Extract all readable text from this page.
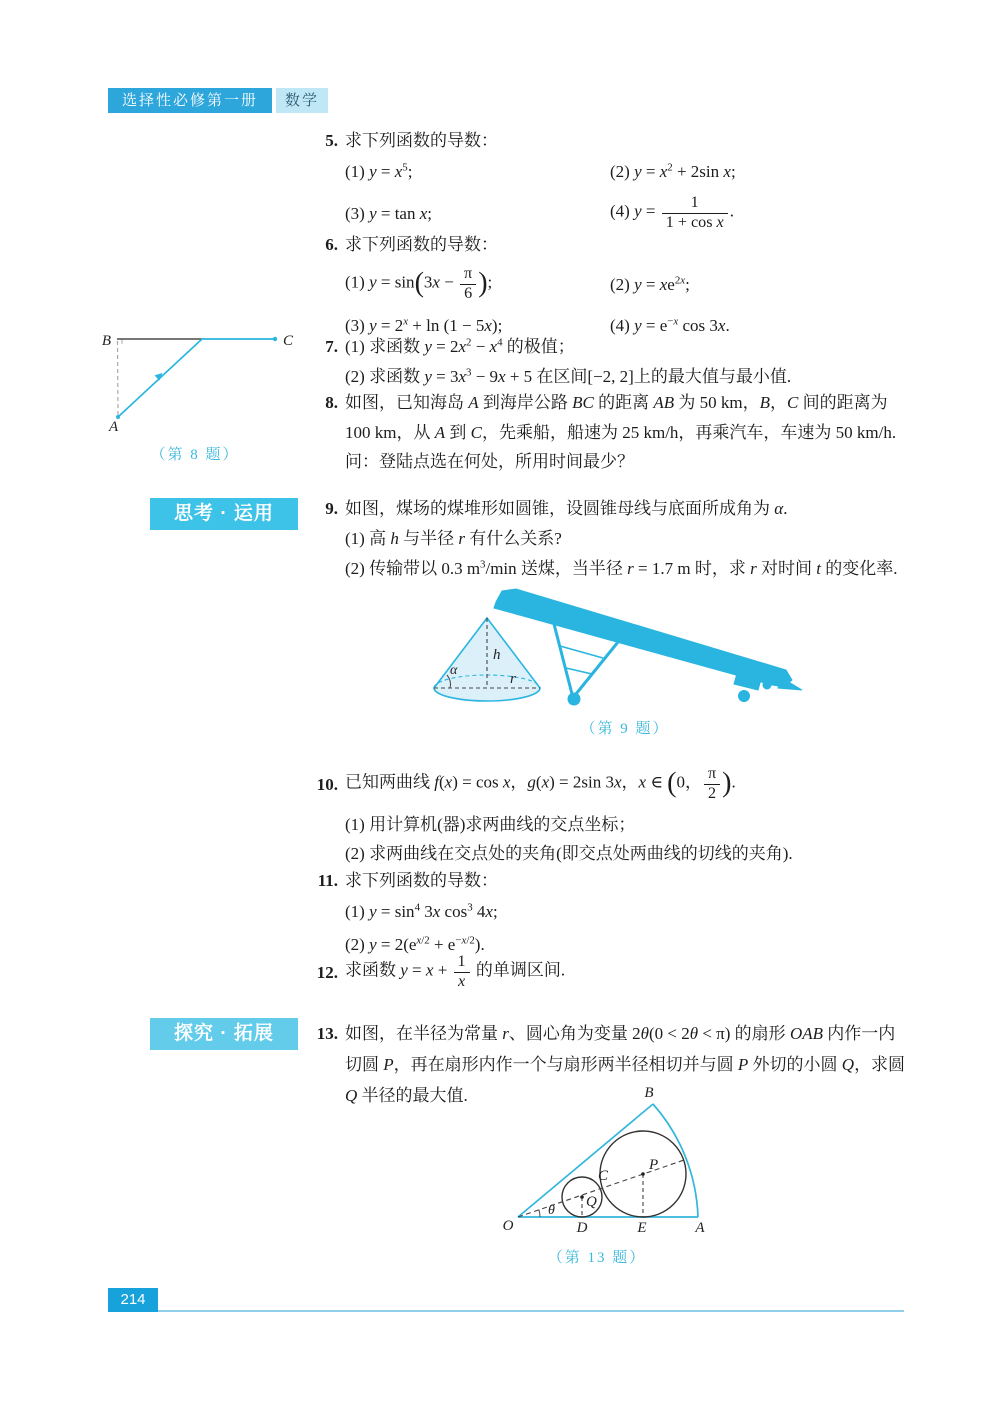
选择性必修第一册	数学
5. 求下列函数的导数：
(1) $y = x^5$;	(2) $y = x^2 + 2\sin$ x;
(3) y = tan x;	(4) $y = \frac{1}{\text{1 + cos x}}$ .
6. 求下列函数的导数：
(1) $y = \sin(3x - \frac{\pi}{6}$ );	(2) $y = xe^{2x}$;
(3) $y = 2^x + \ln (1 - 5x)$;	(4) $y = e^{-x}$ cos 3x.
7. (1) 求函数 $y = 2x^2 - x^4$ 的极值；
(2) 求函数 $y = 3x^3 - 9x + 5$ 在区间[−2, 2]上的最大值与最小值.
8. 如图，已知海岛 A 到海岸公路 BC 的距离 AB 为 50 km，B，C 间的距离为
100 km，从 A 到 C，先乘船，船速为 25 km/h，再乘汽车，车速为 50 km/h.
问：登陆点选在何处，所用时间最少？
B	C
A
（第 8 题）
思考 · 运用	9. 如图，煤场的煤堆形如圆锥，设圆锥母线与底面所成角为 α.
(1) 高 h 与半径 r 有什么关系?
(2) 传输带以 0.3 $m^3/\min$ 送煤，当半径 r = 1.7 m 时，求 r 对时间 t 的变化率.
α
h
r
（第 9 题）
10. 已知两曲线 f(x) = cos x，g(x) = 2sin 3x，x ∈ (0， $\frac{\pi}{2}$ ).
(1) 用计算机(器)求两曲线的交点坐标；
(2) 求两曲线在交点处的夹角(即交点处两曲线的切线的夹角).
11. 求下列函数的导数：
(1) $y = \sin^4 3x$ $\cos^3 4x$;
(2) $y = 2(e^{x/2} + e^{-x/2})$.
12. 求函数 $y = x + \frac{1}{x}$ 的单调区间.
探究 · 拓展	13. 如图，在半径为常量 r、圆心角为变量 2θ(0 < 2θ < π) 的扇形 OAB 内作一内
切圆 P，再在扇形内作一个与扇形两半径相切并与圆 P 外切的小圆 Q，求圆
Q 半径的最大值.
O	A
B
D	E
Q
P
C
θ
（第 13 题）
214
